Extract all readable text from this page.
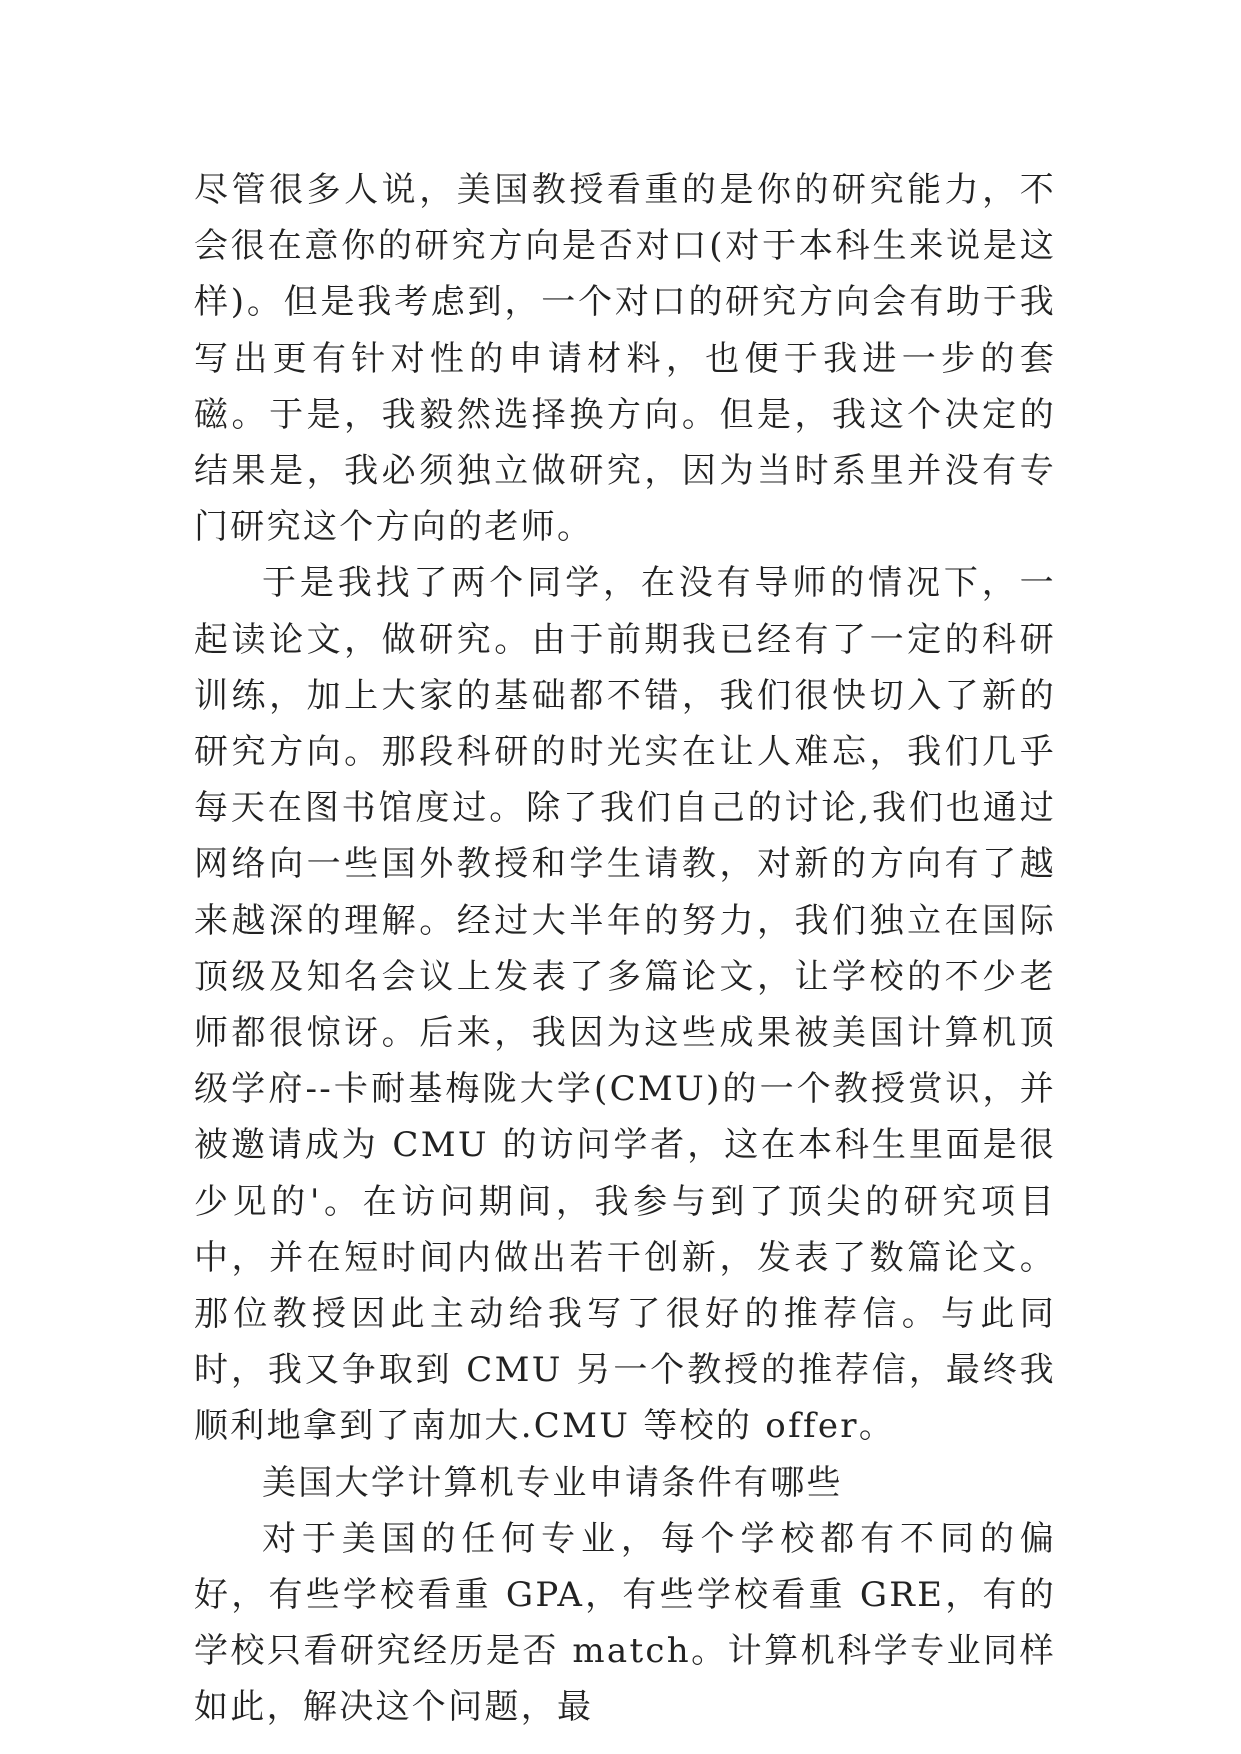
尽管很多人说，美国教授看重的是你的研究能力，不会很在意你的研究方向是否对口(对于本科生来说是这样)。但是我考虑到，一个对口的研究方向会有助于我写出更有针对性的申请材料，也便于我进一步的套磁。于是，我毅然选择换方向。但是，我这个决定的结果是，我必须独立做研究，因为当时系里并没有专门研究这个方向的老师。

于是我找了两个同学，在没有导师的情况下，一起读论文，做研究。由于前期我已经有了一定的科研训练，加上大家的基础都不错，我们很快切入了新的研究方向。那段科研的时光实在让人难忘，我们几乎每天在图书馆度过。除了我们自己的讨论,我们也通过网络向一些国外教授和学生请教，对新的方向有了越来越深的理解。经过大半年的努力，我们独立在国际顶级及知名会议上发表了多篇论文，让学校的不少老师都很惊讶。后来，我因为这些成果被美国计算机顶级学府--卡耐基梅陇大学(CMU)的一个教授赏识，并被邀请成为 CMU 的访问学者，这在本科生里面是很少见的'。在访问期间，我参与到了顶尖的研究项目中，并在短时间内做出若干创新，发表了数篇论文。那位教授因此主动给我写了很好的推荐信。与此同时，我又争取到 CMU 另一个教授的推荐信，最终我顺利地拿到了南加大.CMU 等校的 offer。

美国大学计算机专业申请条件有哪些

对于美国的任何专业，每个学校都有不同的偏好，有些学校看重 GPA，有些学校看重 GRE，有的学校只看研究经历是否 match。计算机科学专业同样如此，解决这个问题，最
